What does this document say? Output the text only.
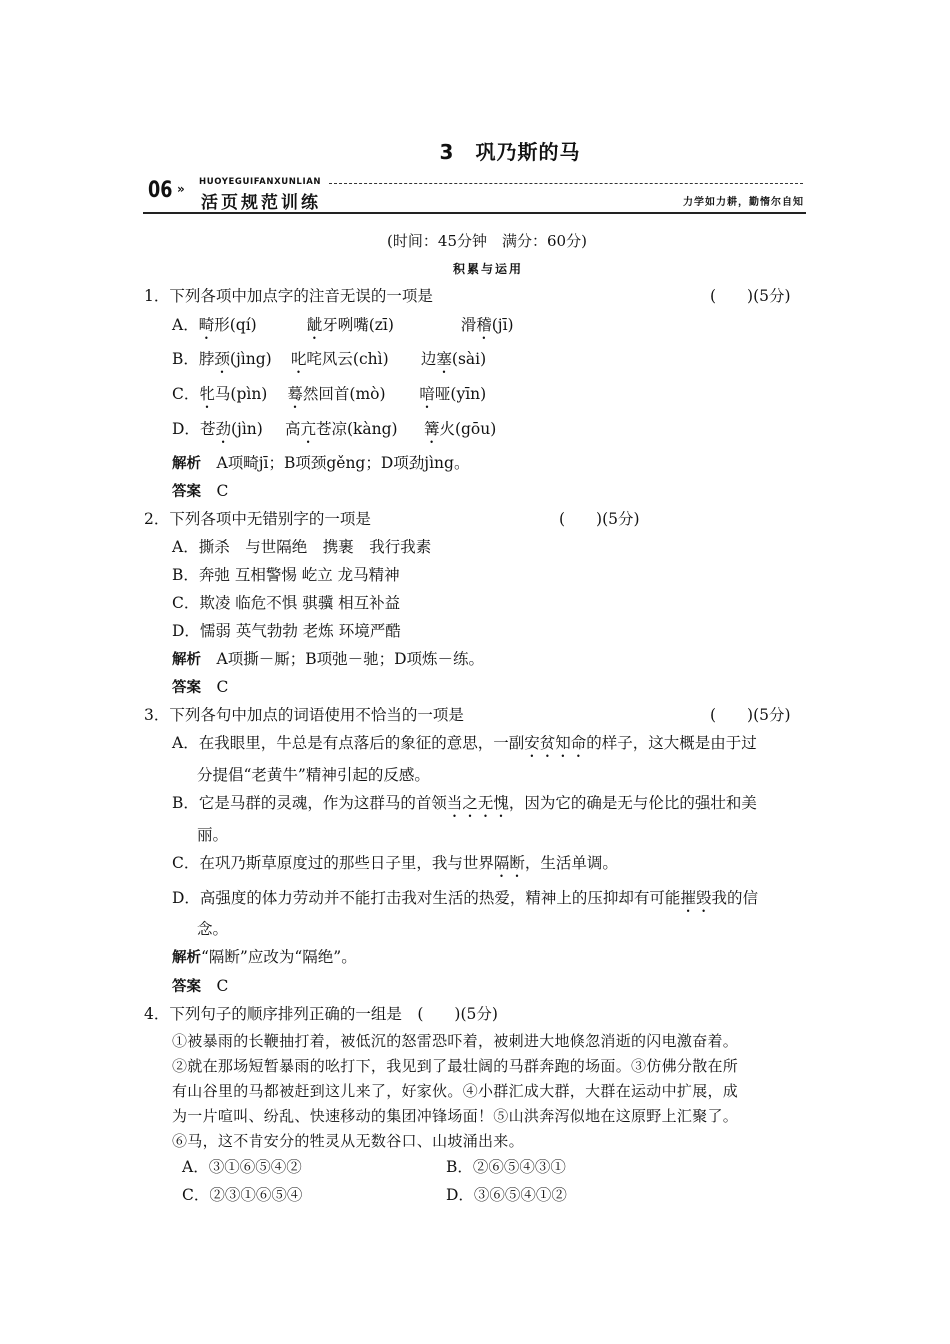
3　巩乃斯的马
06 » HUOYEGUIFANXUNLIAN
活页规范训练	力学如力耕，勤惰尔自知
(时间：45分钟　满分：60分)
积累与运用
1．下列各项中加点字的注音无误的一项是	(　　)(5分)
A．畸形(qí)	龇牙咧嘴(zī)	滑稽(jī)
B．脖颈(jìng) 叱咤风云(chì) 边塞(sài)
C．牝马(pìn) 蓦然回首(mò) 喑哑(yīn)
D．苍劲(jìn) 高亢苍凉(kàng) 篝火(gōu)
解析　A项畸jī；B项颈gěng；D项劲jìng。
答案　C
2．下列各项中无错别字的一项是	(　　)(5分)
A．撕杀　与世隔绝　携裹　我行我素
B．奔弛 互相警惕 屹立 龙马精神
C．欺凌 临危不惧 骐骥 相互补益
D．懦弱 英气勃勃 老炼 环境严酷
解析　A项撕－厮；B项弛－驰；D项炼－练。
答案　C
3．下列各句中加点的词语使用不恰当的一项是	(　　)(5分)
A．在我眼里，牛总是有点落后的象征的意思，一副安贫知命的样子，这大概是由于过
分提倡“老黄牛”精神引起的反感。
B．它是马群的灵魂，作为这群马的首领当之无愧，因为它的确是无与伦比的强壮和美
丽。
C．在巩乃斯草原度过的那些日子里，我与世界隔断，生活单调。
D．高强度的体力劳动并不能打击我对生活的热爱，精神上的压抑却有可能摧毁我的信
念。
解析“隔断”应改为“隔绝”。
答案　C
4．下列句子的顺序排列正确的一组是　(　　)(5分)
①被暴雨的长鞭抽打着，被低沉的怒雷恐吓着，被刺进大地倏忽消逝的闪电激奋着。
②就在那场短暂暴雨的吆打下，我见到了最壮阔的马群奔跑的场面。③仿佛分散在所
有山谷里的马都被赶到这儿来了，好家伙。④小群汇成大群，大群在运动中扩展，成
为一片喧叫、纷乱、快速移动的集团冲锋场面！⑤山洪奔泻似地在这原野上汇聚了。
⑥马，这不肯安分的牲灵从无数谷口、山坡涌出来。
A．③①⑥⑤④②	B．②⑥⑤④③①
C．②③①⑥⑤④	D．③⑥⑤④①②
